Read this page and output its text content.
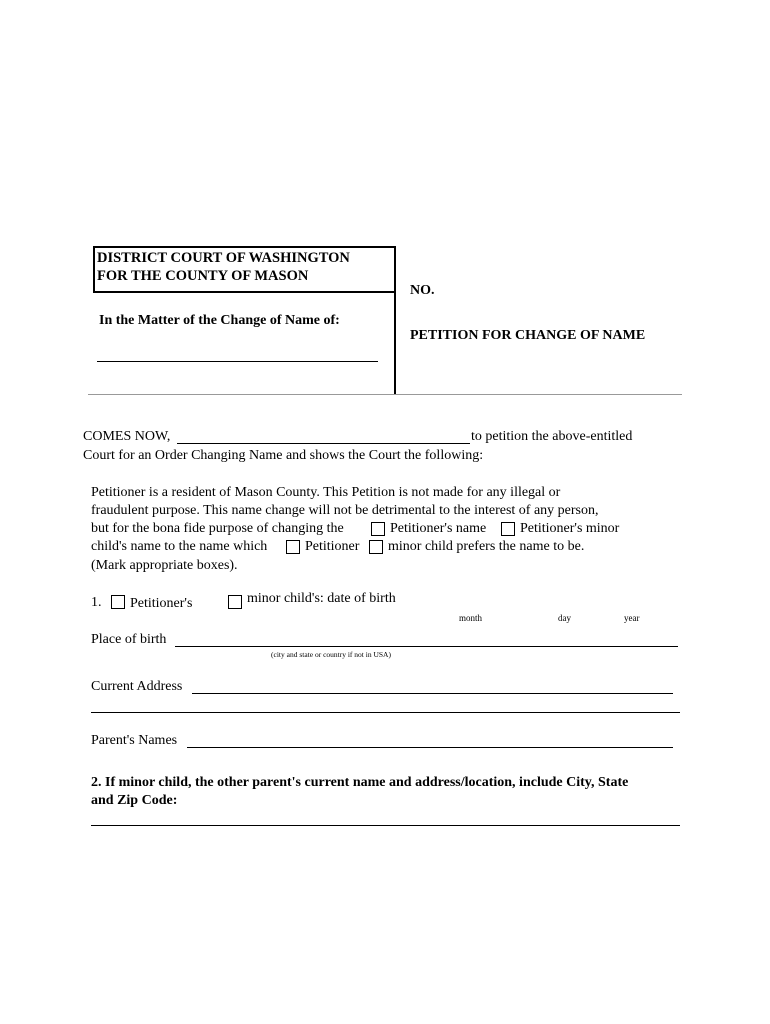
DISTRICT COURT OF WASHINGTON
FOR THE COUNTY OF MASON
In the Matter of the Change of Name of:
NO.
PETITION FOR CHANGE OF NAME
COMES NOW,	to petition the above-entitled
Court for an Order Changing Name and shows the Court the following:
Petitioner is a resident of Mason County. This Petition is not made for any illegal or
fraudulent purpose. This name change will not be detrimental to the interest of any person,
but for the bona fide purpose of changing the	Petitioner's name Petitioner's minor
child's name to the name which	Petitioner minor child prefers the name to be.
(Mark appropriate boxes).
1. Petitioner's	minor child's: date of birth
month	day	year
Place of birth
(city and state or country if not in USA)
Current Address
Parent's Names
2. If minor child, the other parent's current name and address/location, include City, State
and Zip Code:
